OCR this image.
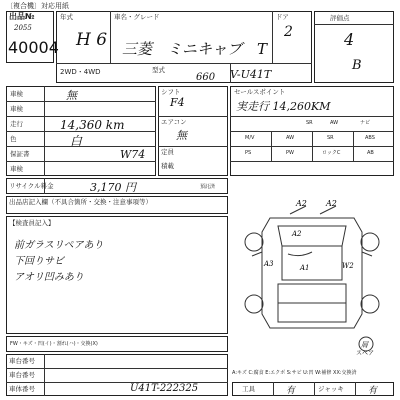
〔複合機〕対応用紙
出品№
2055
40004
年式
H 6
車名・グレード
三菱　ミニキャブ　T
ドア
2
2WD・4WD	型式	V-U41T
660
評価点
4
B
車検	無
車検
走行	14,360 km
色	白
保証書	W74
車検
シフト
F4
エアコン
無
定員
積載
セールスポイント
実走行 14,260KM
SR	AW	ナビ
M/V	AW	SR	ABS
PS	PW	ロックC	AB
リサイクル料金	3,170 円	預託済
出品店記入欄（不具合箇所・交換・注意事項等）
【検査員記入】
前ガラスリペアあり
下回りサビ
アオリ凹みあり
A2 A2
A2
A3	A1	W2
屑
スペア
FW・キズ・凹(イ)・割れ(ハ)・交換(X)
車台番号
車台番号
車体番号	U41T-222325
A:キズ C:腐食 E:エクボ S:サビ U:凹 W:補修 XX:交換済
工具	有	ジャッキ	有
